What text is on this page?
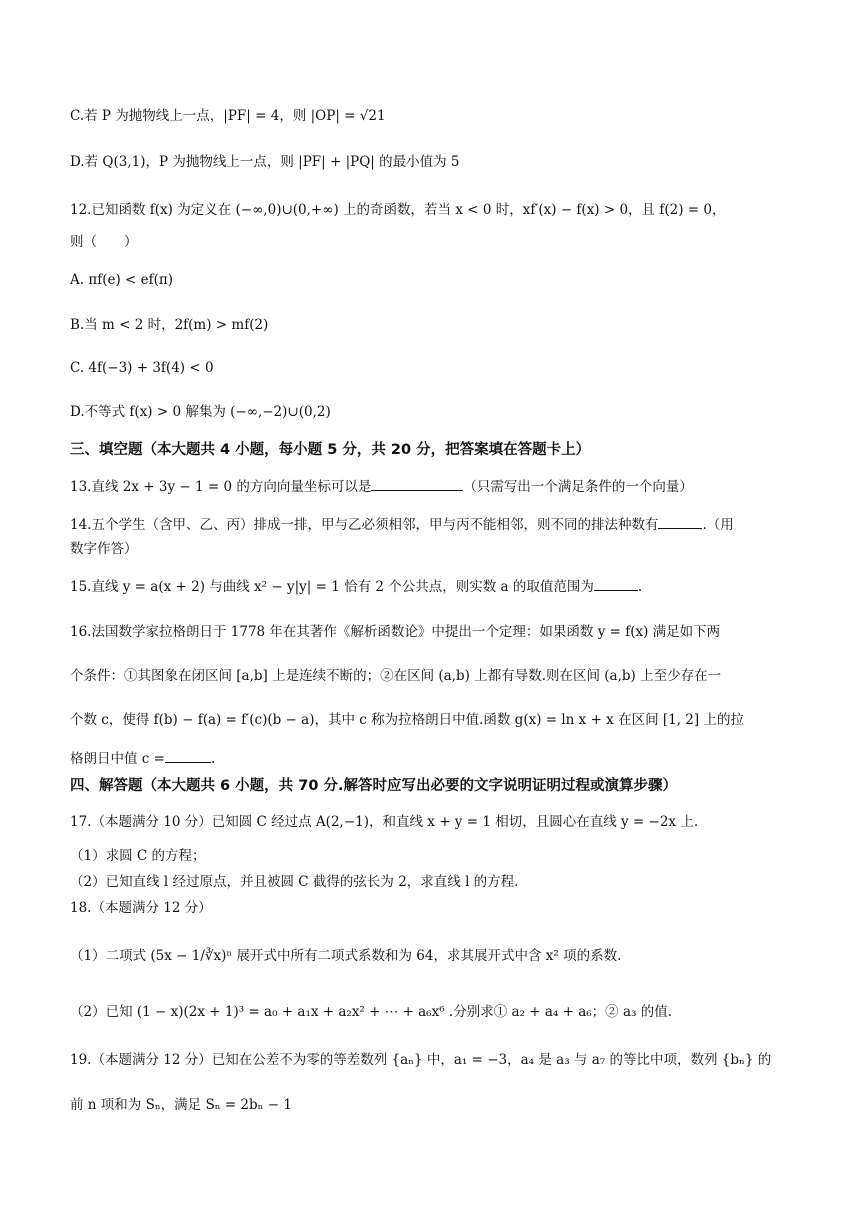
C.若 P 为抛物线上一点，|PF| = 4，则 |OP| = √21
D.若 Q(3,1)，P 为抛物线上一点，则 |PF| + |PQ| 的最小值为 5
12.已知函数 f(x) 为定义在 (−∞,0)∪(0,+∞) 上的奇函数，若当 x < 0 时，xf′(x) − f(x) > 0，且 f(2) = 0，
则（　　）
A. πf(e) < ef(π)
B.当 m < 2 时，2f(m) > mf(2)
C. 4f(−3) + 3f(4) < 0
D.不等式 f(x) > 0 解集为 (−∞,−2)∪(0,2)
三、填空题（本大题共 4 小题，每小题 5 分，共 20 分，把答案填在答题卡上）
13.直线 2x + 3y − 1 = 0 的方向向量坐标可以是	（只需写出一个满足条件的一个向量）
14.五个学生（含甲、乙、丙）排成一排，甲与乙必须相邻，甲与丙不能相邻，则不同的排法种数有	.（用
数字作答）
15.直线 y = a(x + 2) 与曲线 x² − y|y| = 1 恰有 2 个公共点，则实数 a 的取值范围为	.
16.法国数学家拉格朗日于 1778 年在其著作《解析函数论》中提出一个定理：如果函数 y = f(x) 满足如下两
个条件：①其图象在闭区间 [a,b] 上是连续不断的；②在区间 (a,b) 上都有导数.则在区间 (a,b) 上至少存在一
个数 c，使得 f(b) − f(a) = f′(c)(b − a)，其中 c 称为拉格朗日中值.函数 g(x) = ln x + x 在区间 [1, 2] 上的拉
格朗日中值 c =	.
四、解答题（本大题共 6 小题，共 70 分.解答时应写出必要的文字说明证明过程或演算步骤）
17.（本题满分 10 分）已知圆 C 经过点 A(2,−1)，和直线 x + y = 1 相切，且圆心在直线 y = −2x 上.
（1）求圆 C 的方程；
（2）已知直线 l 经过原点，并且被圆 C 截得的弦长为 2，求直线 l 的方程.
18.（本题满分 12 分）
（1）二项式 (5x − 1/∛x)ⁿ 展开式中所有二项式系数和为 64，求其展开式中含 x² 项的系数.
（2）已知 (1 − x)(2x + 1)³ = a₀ + a₁x + a₂x² + ⋯ + a₆x⁶ .分别求① a₂ + a₄ + a₆；② a₃ 的值.
19.（本题满分 12 分）已知在公差不为零的等差数列 {aₙ} 中，a₁ = −3，a₄ 是 a₃ 与 a₇ 的等比中项，数列 {bₙ} 的
前 n 项和为 Sₙ，满足 Sₙ = 2bₙ − 1
